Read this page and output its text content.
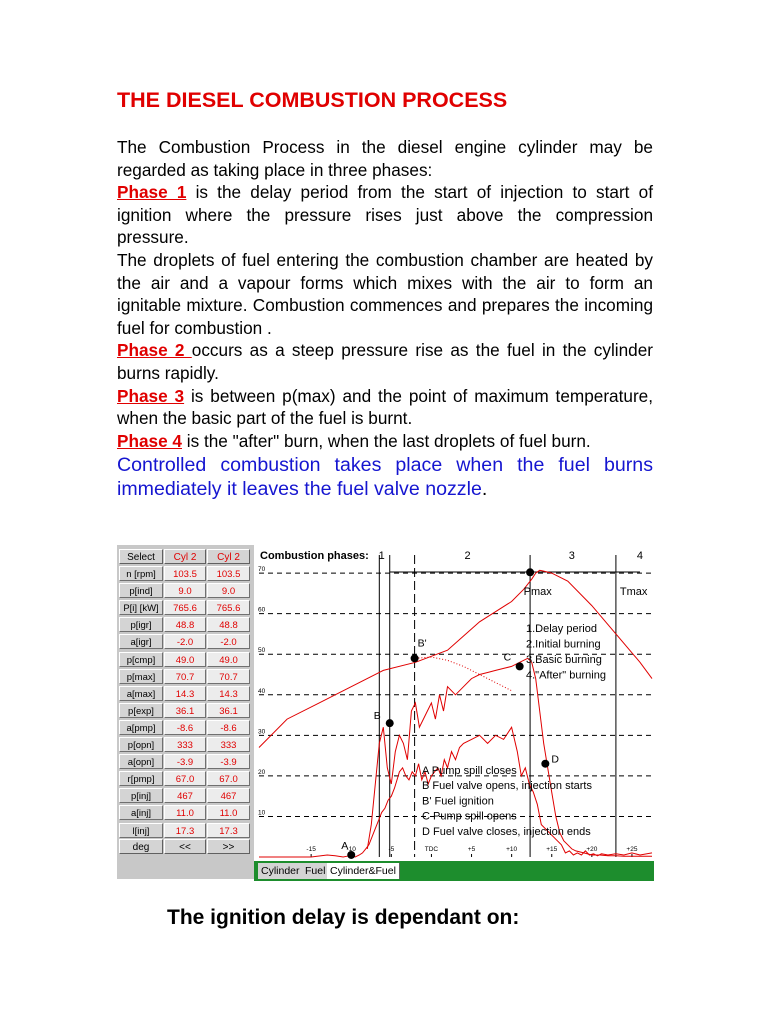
THE DIESEL COMBUSTION PROCESS

The Combustion Process in the diesel engine cylinder may be regarded as taking place in three phases:

Phase 1 is the delay period from the start of injection to start of ignition where the pressure rises just above the compression pressure.

The droplets of fuel entering the combustion chamber are heated by the air and a vapour forms which mixes with the air to form an ignitable mixture. Combustion commences and prepares the incoming fuel for combustion .

Phase 2 occurs as a steep pressure rise as the fuel in the cylinder burns rapidly.

Phase 3 is between p(max) and the point of maximum temperature, when the basic part of the fuel is burnt.

Phase 4 is the "after" burn, when the last droplets of fuel burn.

Controlled combustion takes place when the fuel burns immediately it leaves the fuel valve nozzle.

Select	Cyl 2	Cyl 2
n [rpm]	103.5	103.5
p[ind]	9.0	9.0
P[i] [kW]	765.6	765.6
p[igr]	48.8	48.8
a[igr]	-2.0	-2.0
p[cmp]	49.0	49.0
p[max]	70.7	70.7
a[max]	14.3	14.3
p[exp]	36.1	36.1
a[pmp]	-8.6	-8.6
p[opn]	333	333
a[opn]	-3.9	-3.9
r[pmp]	67.0	67.0
p[inj]	467	467
a[inj]	11.0	11.0
l[inj]	17.3	17.3
deg	<<	>>
70
60
50
40
30
20
10
-15	-10	-5	TDC	+5	+10	+15	+20	+25
A
B
B'
C
D
Combustion phases: 1	2	3	4
Pmax	Tmax
1.Delay period
2.Initial burning
3.Basic burning
4."After" burning
A Pump spill closes
B Fuel valve opens, injection starts
B' Fuel ignition
C Pump spill opens
D Fuel valve closes, injection ends
Cylinder Fuel Cylinder&Fuel
The ignition delay is dependant on:
